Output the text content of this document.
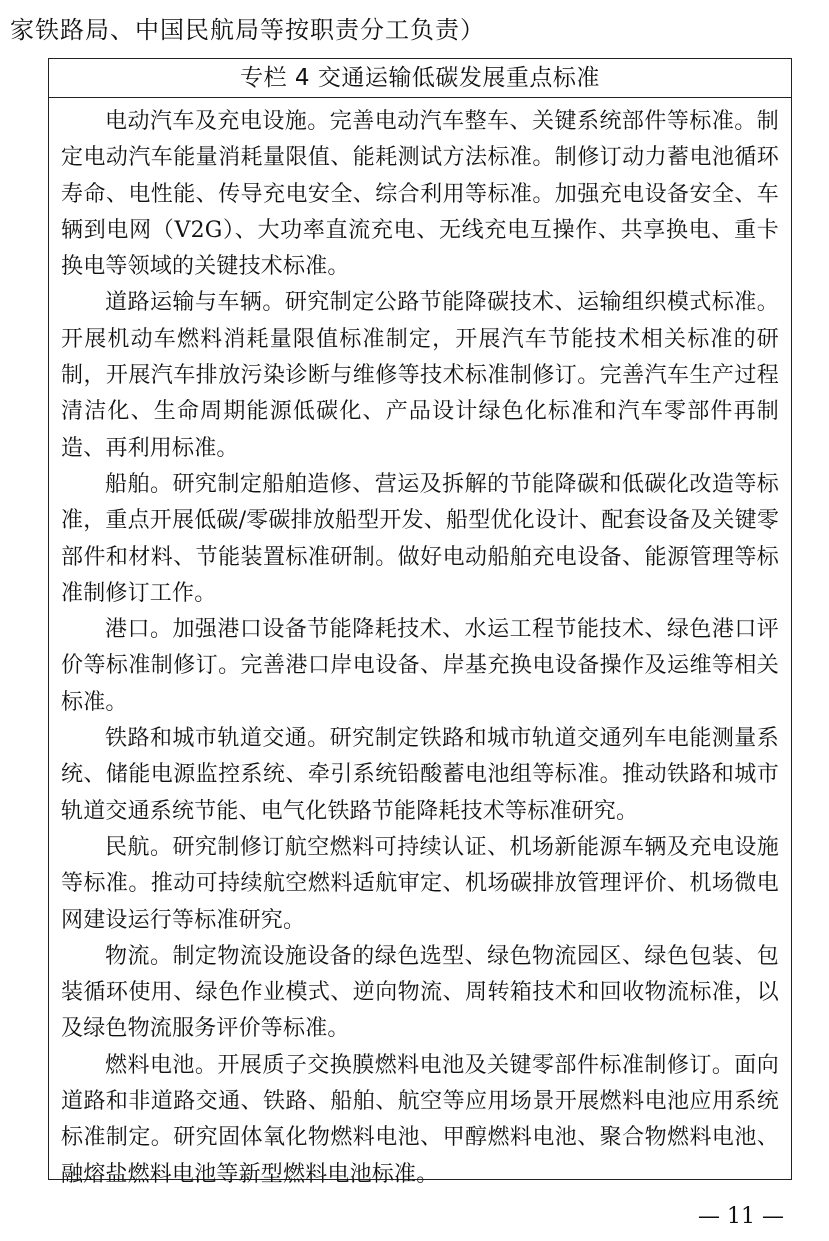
家铁路局、中国民航局等按职责分工负责）
专栏 4 交通运输低碳发展重点标准

电动汽车及充电设施。完善电动汽车整车、关键系统部件等标准。制定电动汽车能量消耗量限值、能耗测试方法标准。制修订动力蓄电池循环寿命、电性能、传导充电安全、综合利用等标准。加强充电设备安全、车辆到电网（V2G）、大功率直流充电、无线充电互操作、共享换电、重卡换电等领域的关键技术标准。

道路运输与车辆。研究制定公路节能降碳技术、运输组织模式标准。开展机动车燃料消耗量限值标准制定，开展汽车节能技术相关标准的研制，开展汽车排放污染诊断与维修等技术标准制修订。完善汽车生产过程清洁化、生命周期能源低碳化、产品设计绿色化标准和汽车零部件再制造、再利用标准。

船舶。研究制定船舶造修、营运及拆解的节能降碳和低碳化改造等标准，重点开展低碳/零碳排放船型开发、船型优化设计、配套设备及关键零部件和材料、节能装置标准研制。做好电动船舶充电设备、能源管理等标准制修订工作。

港口。加强港口设备节能降耗技术、水运工程节能技术、绿色港口评价等标准制修订。完善港口岸电设备、岸基充换电设备操作及运维等相关标准。

铁路和城市轨道交通。研究制定铁路和城市轨道交通列车电能测量系统、储能电源监控系统、牵引系统铅酸蓄电池组等标准。推动铁路和城市轨道交通系统节能、电气化铁路节能降耗技术等标准研究。

民航。研究制修订航空燃料可持续认证、机场新能源车辆及充电设施等标准。推动可持续航空燃料适航审定、机场碳排放管理评价、机场微电网建设运行等标准研究。

物流。制定物流设施设备的绿色选型、绿色物流园区、绿色包装、包装循环使用、绿色作业模式、逆向物流、周转箱技术和回收物流标准，以及绿色物流服务评价等标准。

燃料电池。开展质子交换膜燃料电池及关键零部件标准制修订。面向道路和非道路交通、铁路、船舶、航空等应用场景开展燃料电池应用系统标准制定。研究固体氧化物燃料电池、甲醇燃料电池、聚合物燃料电池、融熔盐燃料电池等新型燃料电池标准。

— 11 —
